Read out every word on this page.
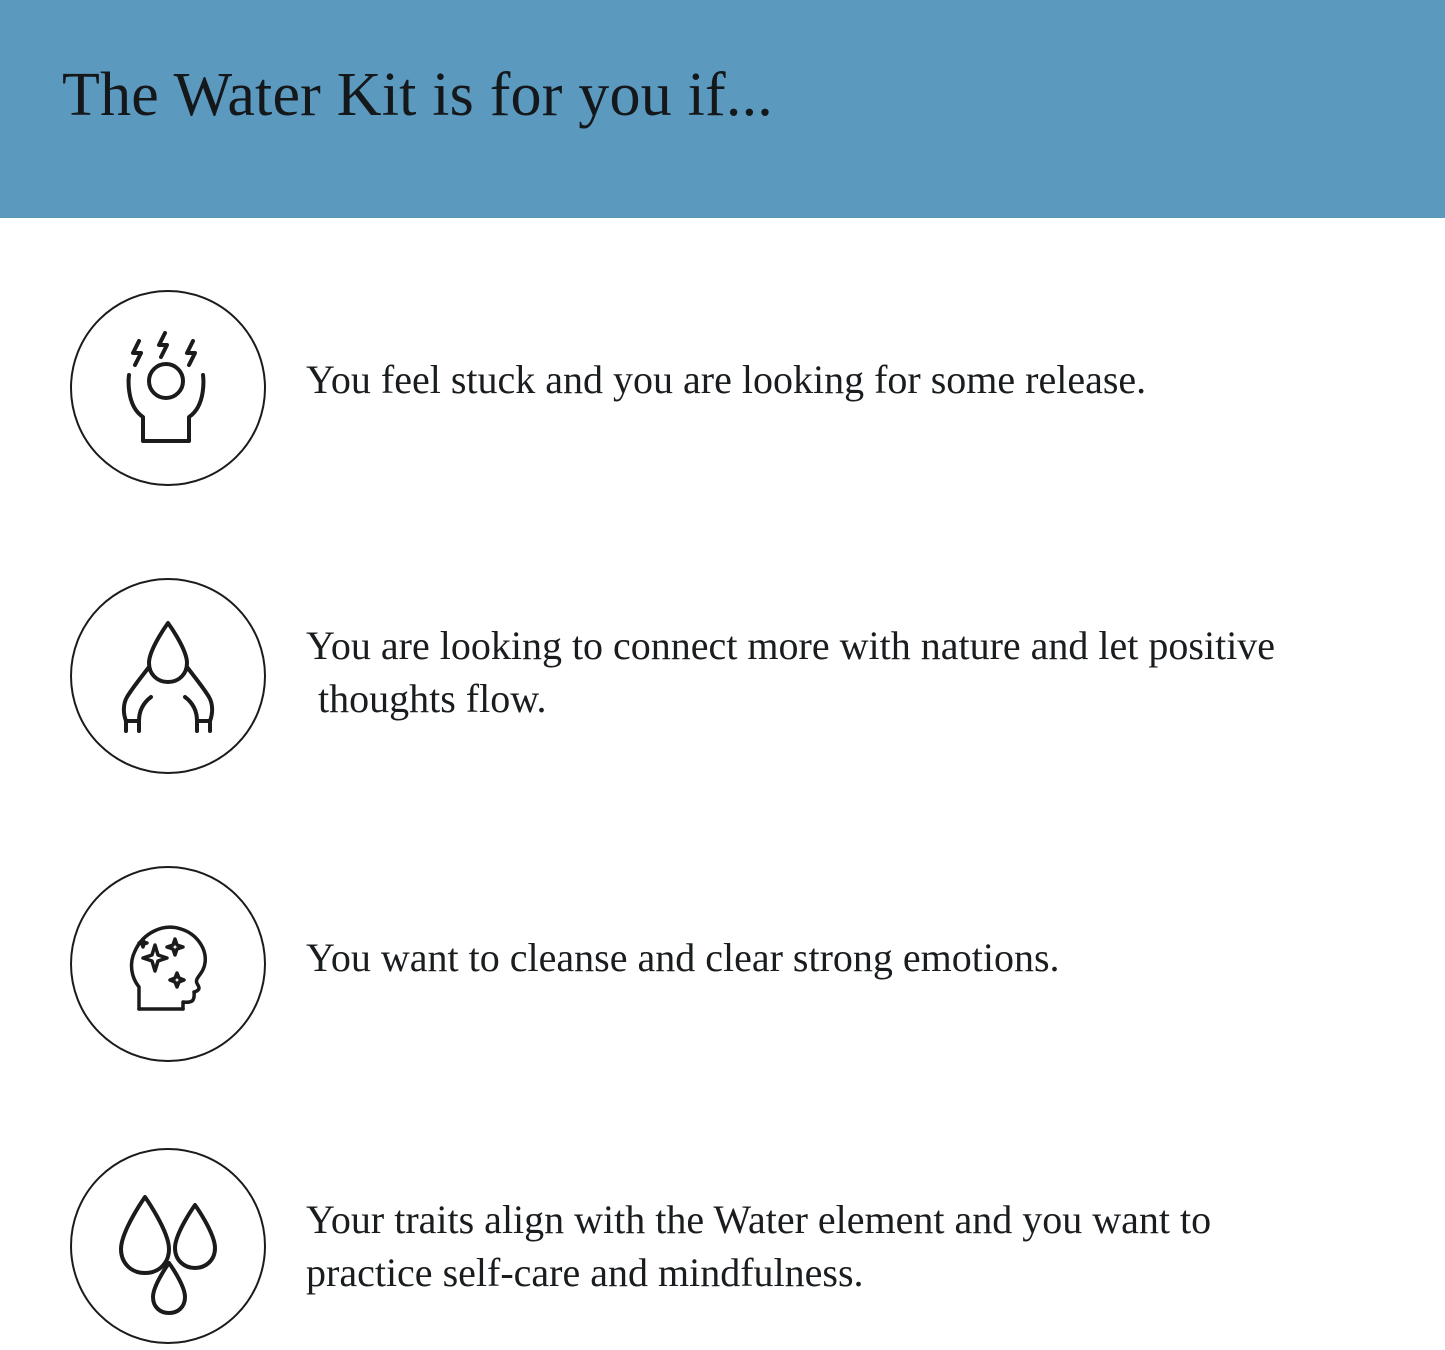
The Water Kit is for you if...
You feel stuck and you are looking for some release.
You are looking to connect more with nature and let positive
thoughts flow.
You want to cleanse and clear strong emotions.
Your traits align with the Water element and you want to
practice self-care and mindfulness.
